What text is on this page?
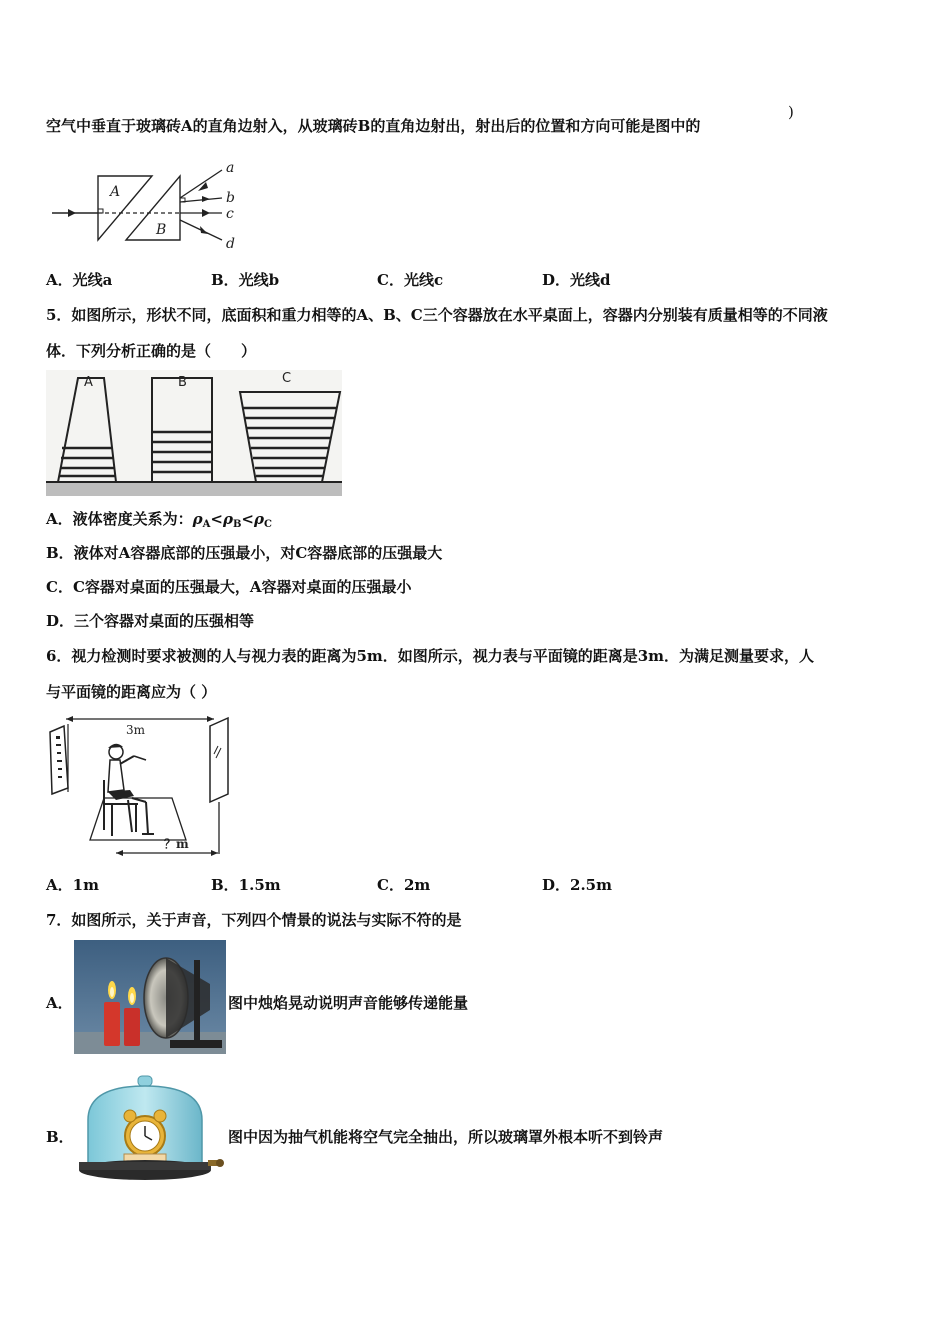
空气中垂直于玻璃砖A的直角边射入，从玻璃砖B的直角边射出，射出后的位置和方向可能是图中的
)
A
B
a
b
c
d
A．光线a	B．光线b	C．光线c	D．光线d
5．如图所示，形状不同，底面积和重力相等的A、B、C三个容器放在水平桌面上，容器内分别装有质量相等的不同液
体．下列分析正确的是（　　）
A	B	C
A．液体密度关系为：$\rho_A<\rho_B<\rho_C$
B．液体对A容器底部的压强最小，对C容器底部的压强最大
C．C容器对桌面的压强最大，A容器对桌面的压强最小
D．三个容器对桌面的压强相等
6．视力检测时要求被测的人与视力表的距离为5m．如图所示，视力表与平面镜的距离是3m．为满足测量要求，人
与平面镜的距离应为（ ）
3m
？m
A．1m	B．1.5m	C．2m	D．2.5m
7．如图所示，关于声音，下列四个情景的说法与实际不符的是
A．	图中烛焰晃动说明声音能够传递能量
B．	图中因为抽气机能将空气完全抽出，所以玻璃罩外根本听不到铃声
